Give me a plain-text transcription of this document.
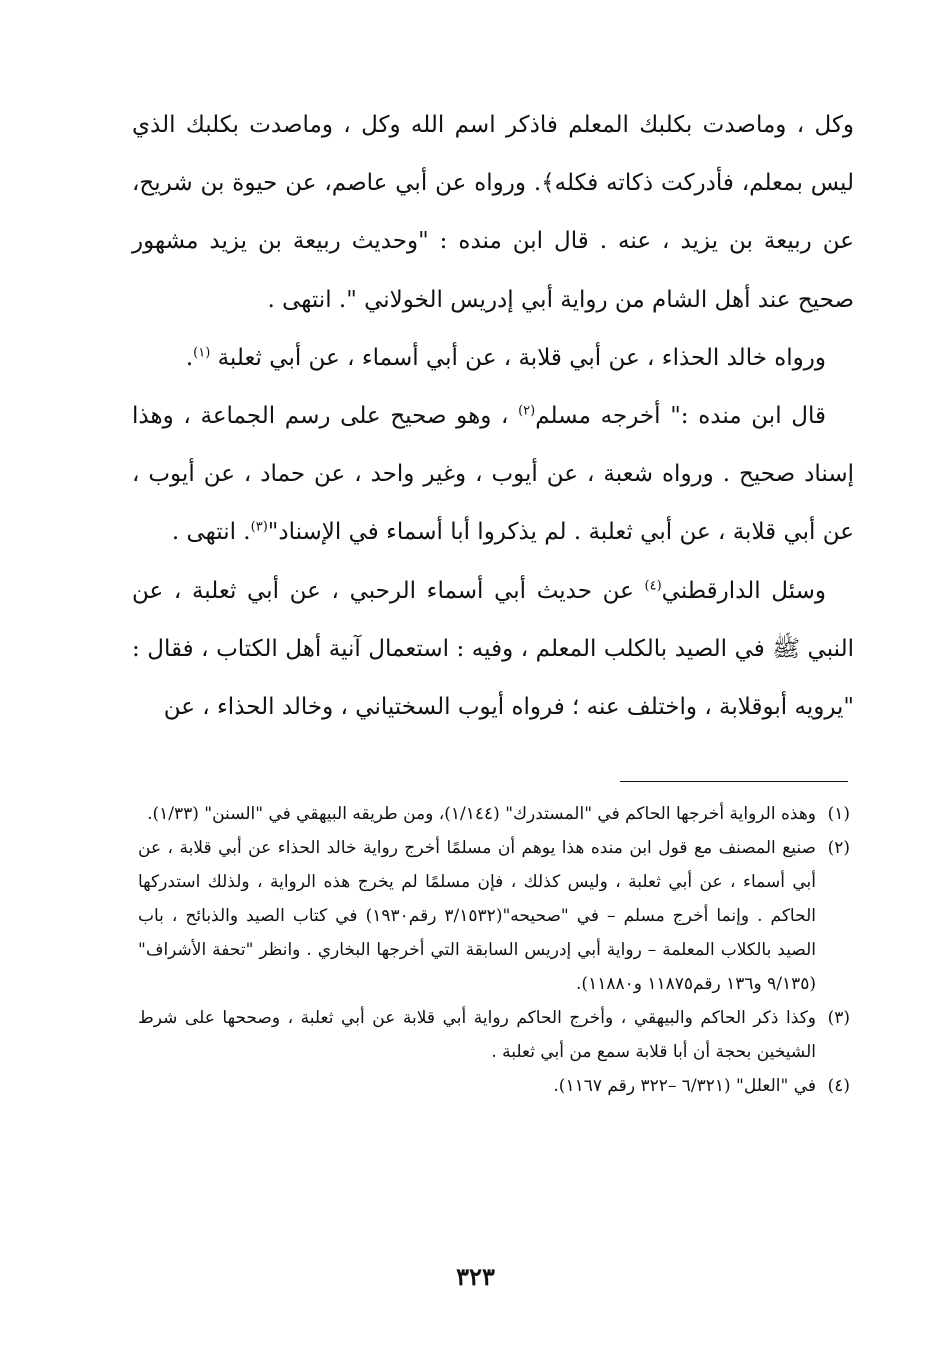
وكل ، وماصدت بكلبك المعلم فاذكر اسم الله وكل ، وماصدت بكلبك الذي ليس بمعلم، فأدركت ذكاته فكله﴾. ورواه عن أبي عاصم، عن حيوة بن شريح، عن ربيعة بن يزيد ، عنه . قال ابن منده : "وحديث ربيعة بن يزيد مشهور صحيح عند أهل الشام من رواية أبي إدريس الخولاني ". انتهى .

ورواه خالد الحذاء ، عن أبي قلابة ، عن أبي أسماء ، عن أبي ثعلبة $^{(١)}$.

قال ابن منده :" أخرجه مسلم$^{(٢)}$ ، وهو صحيح على رسم الجماعة ، وهذا إسناد صحيح . ورواه شعبة ، عن أيوب ، وغير واحد ، عن حماد ، عن أيوب ، عن أبي قلابة ، عن أبي ثعلبة . لم يذكروا أبا أسماء في الإسناد"$^{(٣)}$. انتهى .

وسئل الدارقطني$^{(٤)}$ عن حديث أبي أسماء الرحبي ، عن أبي ثعلبة ، عن النبي ﷺ في الصيد بالكلب المعلم ، وفيه : استعمال آنية أهل الكتاب ، فقال : "يرويه أبوقلابة ، واختلف عنه ؛ فرواه أيوب السختياني ، وخالد الحذاء ، عن

(١)
وهذه الرواية أخرجها الحاكم في "المستدرك" (١/١٤٤)، ومن طريقه البيهقي في "السنن" (١/٣٣).
(٢)
صنيع المصنف مع قول ابن منده هذا يوهم أن مسلمًا أخرج رواية خالد الحذاء عن أبي قلابة ، عن أبي أسماء ، عن أبي ثعلبة ، وليس كذلك ، فإن مسلمًا لم يخرج هذه الرواية ، ولذلك استدركها الحاكم . وإنما أخرج مسلم – في "صحيحه"(٣/١٥٣٢ رقم١٩٣٠) في كتاب الصيد والذبائح ، باب الصيد بالكلاب المعلمة – رواية أبي إدريس السابقة التي أخرجها البخاري . وانظر "تحفة الأشراف" (٩/١٣٥ و١٣٦ رقم١١٨٧٥ و١١٨٨٠).
(٣)
وكذا ذكر الحاكم والبيهقي ، وأخرج الحاكم رواية أبي قلابة عن أبي ثعلبة ، وصححها على شرط الشيخين بحجة أن أبا قلابة سمع من أبي ثعلبة .
(٤)
في "العلل" (٦/٣٢١ –٣٢٢ رقم ١١٦٧).
٣٢٣
